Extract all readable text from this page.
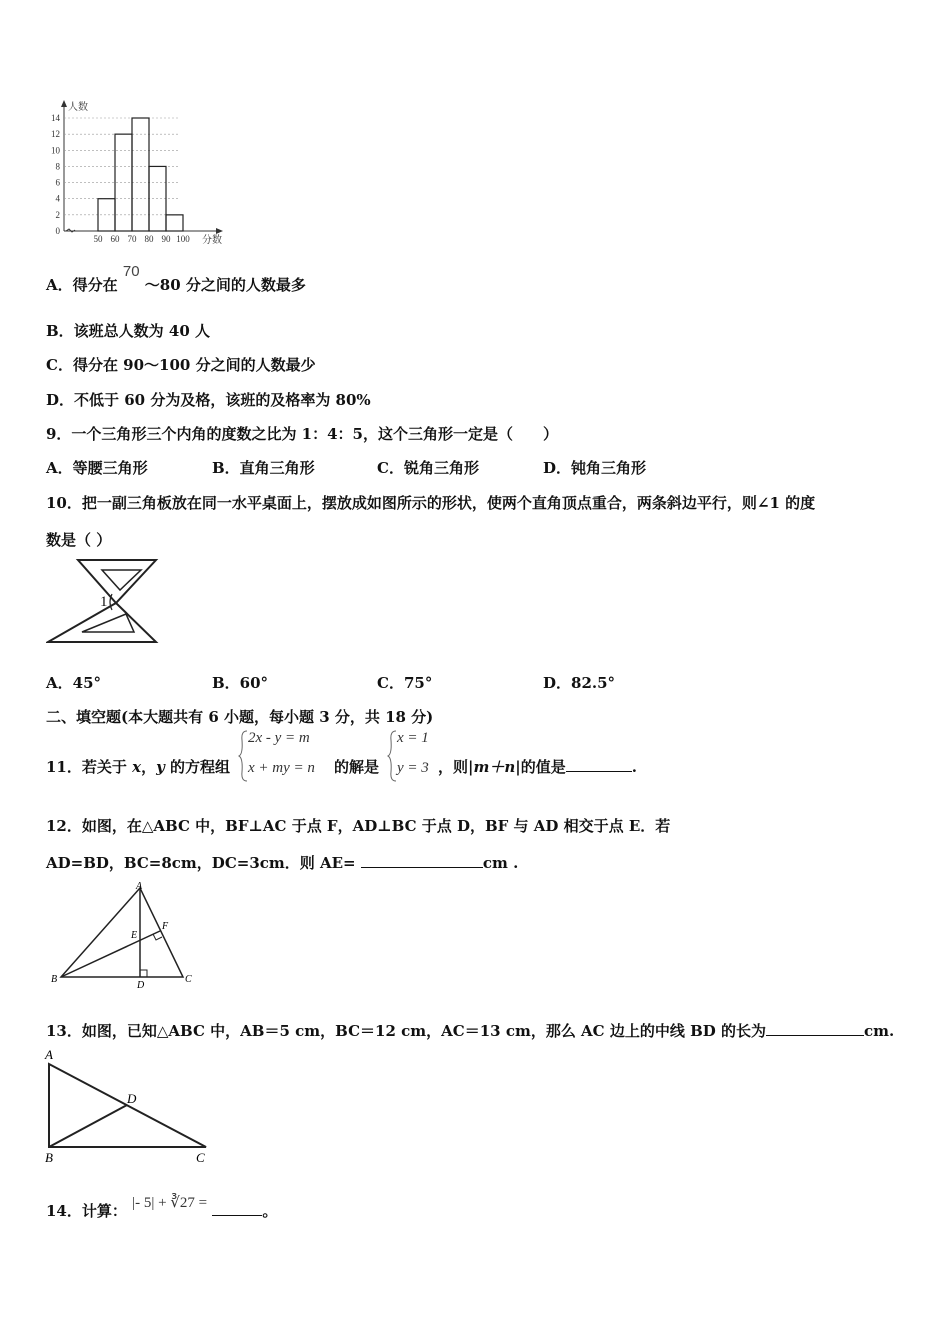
人数
分数
0
2
4
6
8
10
12
14
50 60 70 80 90 100
A．得分在 70 ～80 分之间的人数最多
B．该班总人数为 40 人
C．得分在 90～100 分之间的人数最少
D．不低于 60 分为及格，该班的及格率为 80%
9．一个三角形三个内角的度数之比为 1：4：5，这个三角形一定是（　　）
A．等腰三角形	B．直角三角形	C．锐角三角形	D．钝角三角形
10．把一副三角板放在同一水平桌面上，摆放成如图所示的形状，使两个直角顶点重合，两条斜边平行，则∠1 的度
数是（ ）
1
A．45°	B．60°	C．75°	D．82.5°
二、填空题(本大题共有 6 小题，每小题 3 分，共 18 分)
11．若关于 x，y 的方程组
2x - y = m
x + my = n 的解是
x = 1
y = 3 ，则|m＋n|的值是	.
12．如图，在△ABC 中，BF⊥AC 于点 F，AD⊥BC 于点 D，BF 与 AD 相交于点 E．若
AD=BD，BC=8cm，DC=3cm．则 AE=	cm .
A
B	C
D
E
F
13．如图，已知△ABC 中，AB＝5 cm，BC＝12 cm，AC＝13 cm，那么 AC 边上的中线 BD 的长为	cm.
A
B	C
D
14．计算： |- 5| + ∛27 =	。
